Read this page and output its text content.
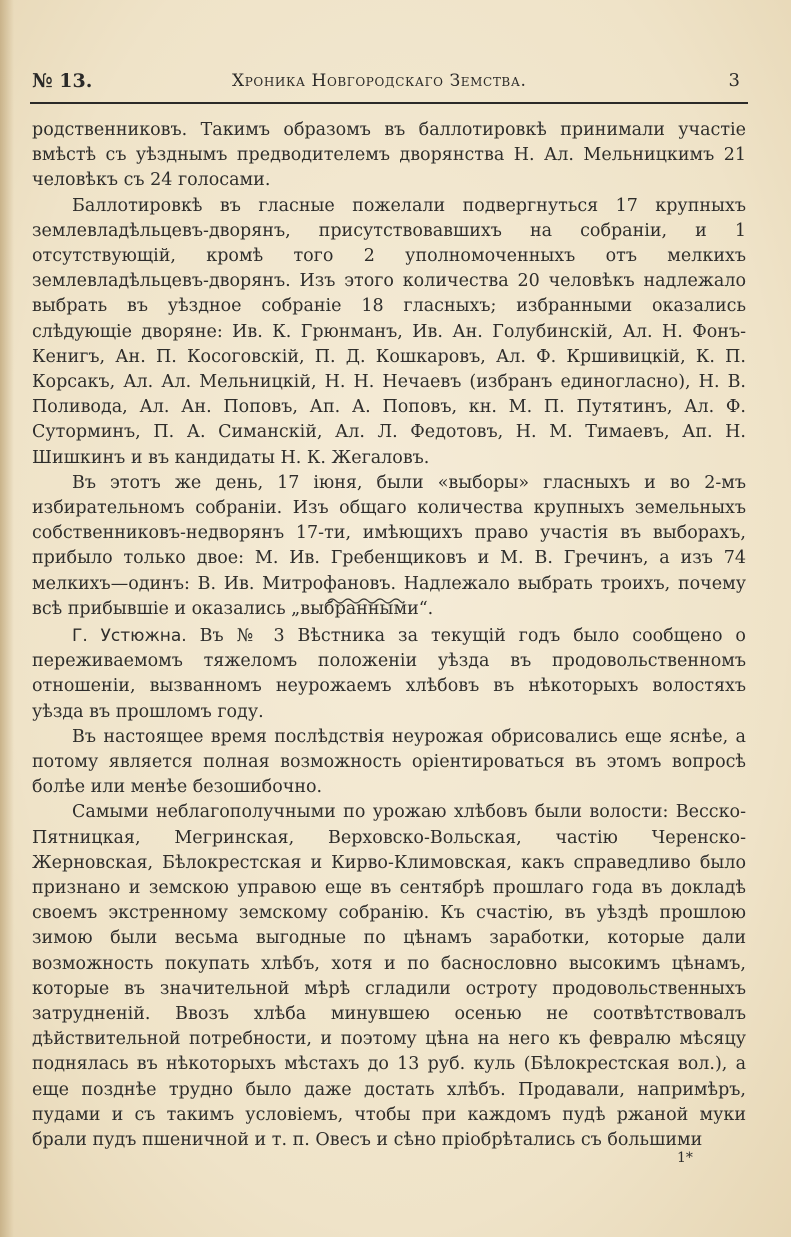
№ 13.	Хроника Новгородскаго Земства.	3

родственниковъ. Такимъ образомъ въ баллотировкѣ принимали участіе вмѣстѣ съ уѣзднымъ предводителемъ дворянства Н. Ал. Мельницкимъ 21 человѣкъ съ 24 голосами.

Баллотировкѣ въ гласные пожелали подвергнуться 17 крупныхъ землевладѣльцевъ-дворянъ, присутствовавшихъ на собраніи, и 1 отсутствующій, кромѣ того 2 уполномоченныхъ отъ мелкихъ землевладѣльцевъ-дворянъ. Изъ этого количества 20 человѣкъ надлежало выбрать въ уѣздное собраніе 18 гласныхъ; избранными оказались слѣдующіе дворяне: Ив. К. Грюнманъ, Ив. Ан. Голубинскій, Ал. Н. Фонъ-Кенигъ, Ан. П. Косоговскій, П. Д. Кошкаровъ, Ал. Ф. Кршивицкій, К. П. Корсакъ, Ал. Ал. Мельницкій, Н. Н. Нечаевъ (избранъ единогласно), Н. В. Поливода, Ал. Ан. Поповъ, Ап. А. Поповъ, кн. М. П. Путятинъ, Ал. Ф. Суторминъ, П. А. Симанскій, Ал. Л. Федотовъ, Н. М. Тимаевъ, Ап. Н. Шишкинъ и въ кандидаты Н. К. Жегаловъ.

Въ этотъ же день, 17 іюня, были «выборы» гласныхъ и во 2-мъ избирательномъ собраніи. Изъ общаго количества крупныхъ земельныхъ собственниковъ-недворянъ 17-ти, имѣющихъ право участія въ выборахъ, прибыло только двое: М. Ив. Гребенщиковъ и М. В. Гречинъ, а изъ 74 мелкихъ—одинъ: В. Ив. Митрофановъ. Надлежало выбрать троихъ, почему всѣ прибывшіе и оказались „выбранными“.

Г. Устюжна. Въ № 3 Вѣстника за текущій годъ было сообщено о переживаемомъ тяжеломъ положеніи уѣзда въ продовольственномъ отношеніи, вызванномъ неурожаемъ хлѣбовъ въ нѣкоторыхъ волостяхъ уѣзда въ прошломъ году.

Въ настоящее время послѣдствія неурожая обрисовались еще яснѣе, а потому является полная возможность оріентироваться въ этомъ вопросѣ болѣе или менѣе безошибочно.

Самыми неблагополучными по урожаю хлѣбовъ были волости: Весско-Пятницкая, Мегринская, Верховско-Вольская, частію Черенско-Жерновская, Бѣлокрестская и Кирво-Климовская, какъ справедливо было признано и земскою управою еще въ сентябрѣ прошлаго года въ докладѣ своемъ экстренному земскому собранію. Къ счастію, въ уѣздѣ прошлою зимою были весьма выгодные по цѣнамъ заработки, которые дали возможность покупать хлѣбъ, хотя и по баснословно высокимъ цѣнамъ, которые въ значительной мѣрѣ сгладили остроту продовольственныхъ затрудненій. Ввозъ хлѣба минувшею осенью не соотвѣтствовалъ дѣйствительной потребности, и поэтому цѣна на него къ февралю мѣсяцу поднялась въ нѣкоторыхъ мѣстахъ до 13 руб. куль (Бѣлокрестская вол.), а еще позднѣе трудно было даже достать хлѣбъ. Продавали, напримѣръ, пудами и съ такимъ условіемъ, чтобы при каждомъ пудѣ ржаной муки брали пудъ пшеничной и т. п. Овесъ и сѣно пріобрѣтались съ большими

1*
